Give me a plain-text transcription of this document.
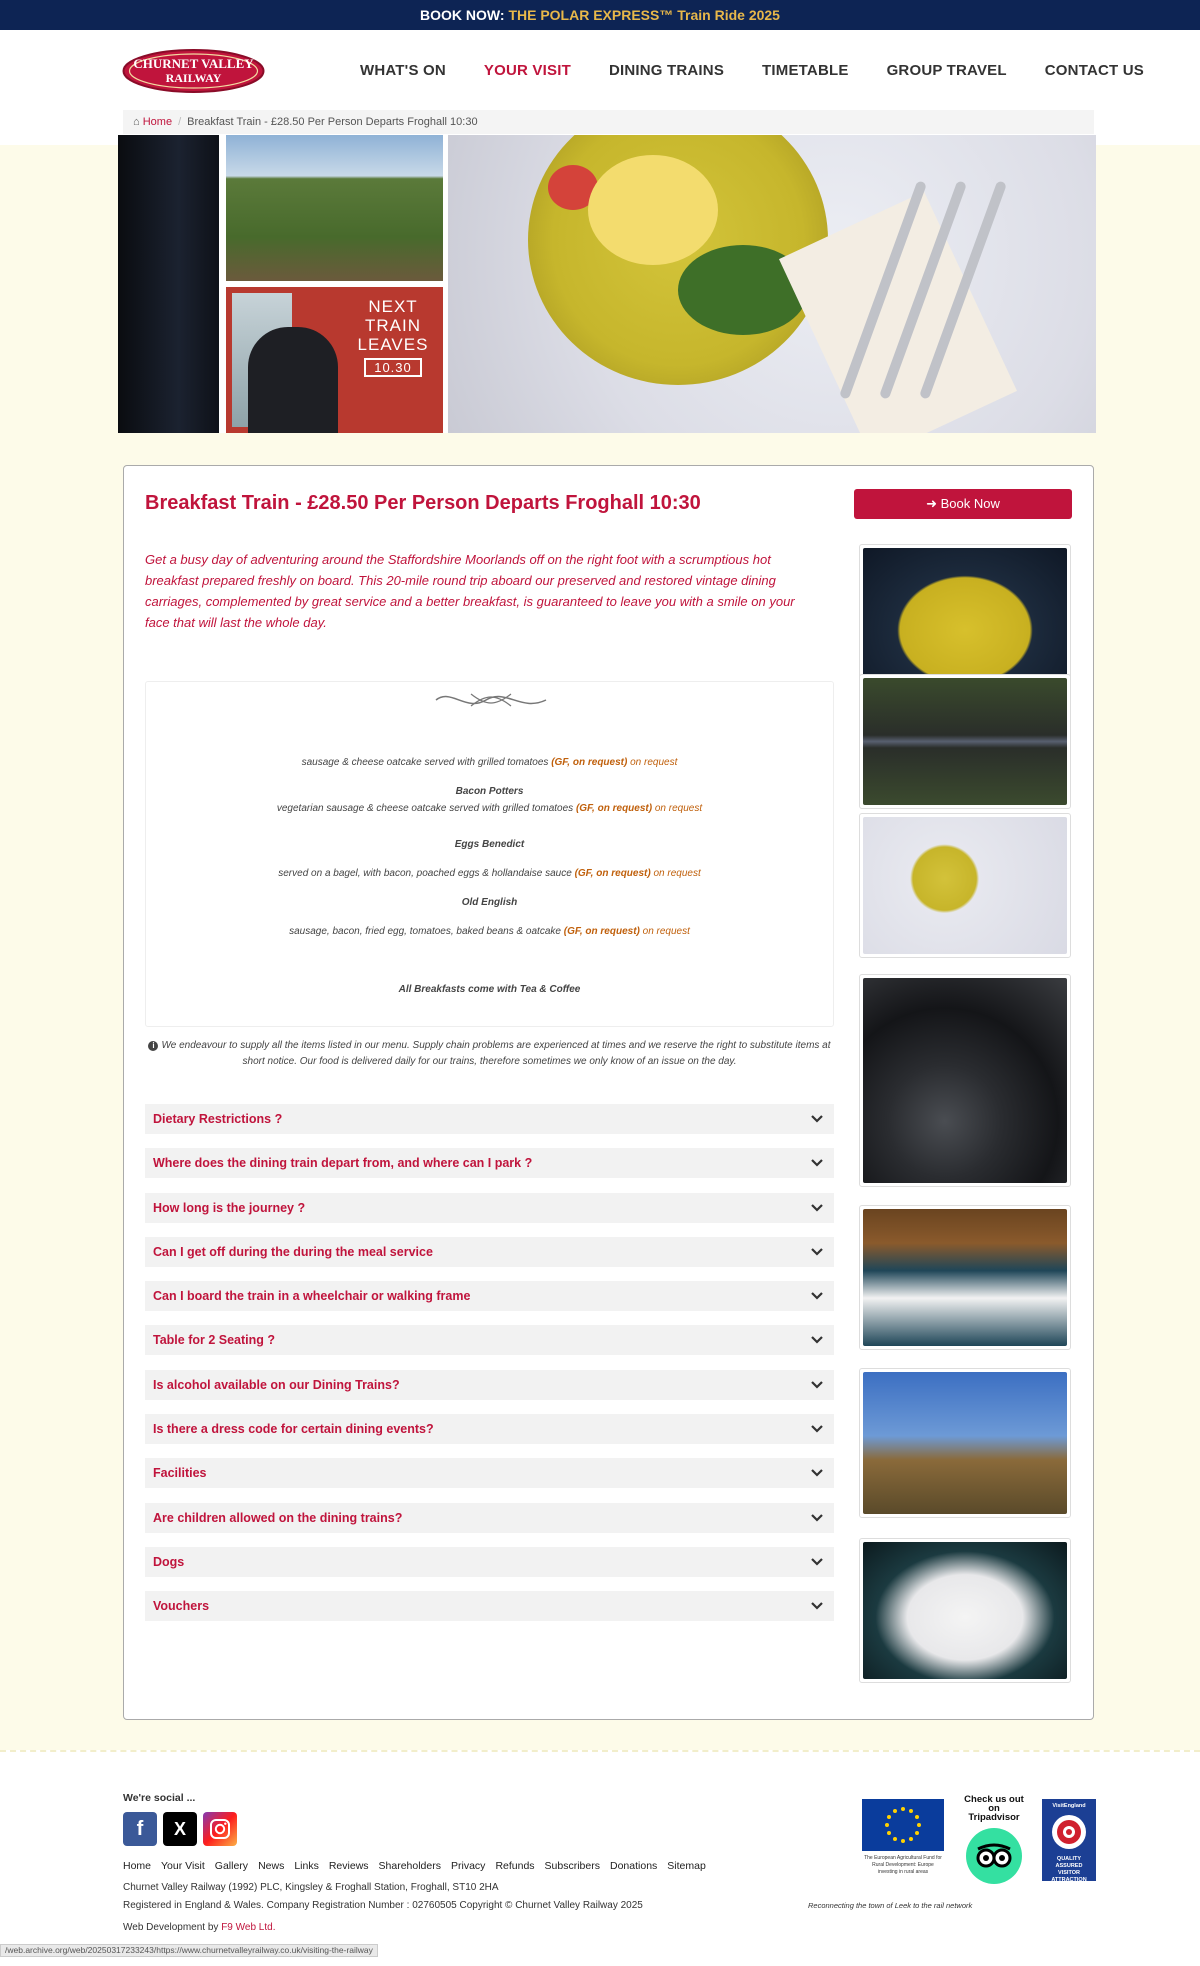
BOOK NOW: THE POLAR EXPRESS™ Train Ride 2025
CHURNET VALLEY
RAILWAY	WHAT'S ON	YOUR VISIT	DINING TRAINS	TIMETABLE	GROUP TRAVEL	CONTACT US
⌂ Home / Breakfast Train - £28.50 Per Person Departs Froghall 10:30
NEXT
TRAIN
LEAVES
10.30
Breakfast Train - £28.50 Per Person Departs Froghall 10:30	➜ Book Now
Get a busy day of adventuring around the Staffordshire Moorlands off on the right foot with a scrumptious hot breakfast prepared freshly on board. This 20-mile round trip aboard our preserved and restored vintage dining carriages, complemented by great service and a better breakfast, is guaranteed to leave you with a smile on your face that will last the whole day.
sausage & cheese oatcake served with grilled tomatoes (GF, on request) on request
Bacon Potters
vegetarian sausage & cheese oatcake served with grilled tomatoes (GF, on request) on request
Eggs Benedict
served on a bagel, with bacon, poached eggs & hollandaise sauce (GF, on request) on request
Old English
sausage, bacon, fried egg, tomatoes, baked beans & oatcake (GF, on request) on request
All Breakfasts come with Tea & Coffee
i We endeavour to supply all the items listed in our menu. Supply chain problems are experienced at times and we reserve the right to substitute items at short notice. Our food is delivered daily for our trains, therefore sometimes we only know of an issue on the day.
Dietary Restrictions ?
Where does the dining train depart from, and where can I park ?
How long is the journey ?
Can I get off during the during the meal service
Can I board the train in a wheelchair or walking frame
Table for 2 Seating ?
Is alcohol available on our Dining Trains?
Is there a dress code for certain dining events?
Facilities
Are children allowed on the dining trains?
Dogs
Vouchers
We're social ...
f	X
Home Your Visit Gallery News Links Reviews Shareholders Privacy Refunds Subscribers Donations Sitemap
Churnet Valley Railway (1992) PLC, Kingsley & Froghall Station, Froghall, ST10 2HA
Registered in England & Wales. Company Registration Number : 02760505 Copyright © Churnet Valley Railway 2025
Web Development by F9 Web Ltd.
The European Agricultural Fund for Rural Development: Europe investing in rural areas
Check us out on Tripadvisor
VisitEngland
QUALITY ASSURED VISITOR ATTRACTION
Reconnecting the town of Leek to the rail network
/web.archive.org/web/20250317233243/https://www.churnetvalleyrailway.co.uk/visiting-the-railway
